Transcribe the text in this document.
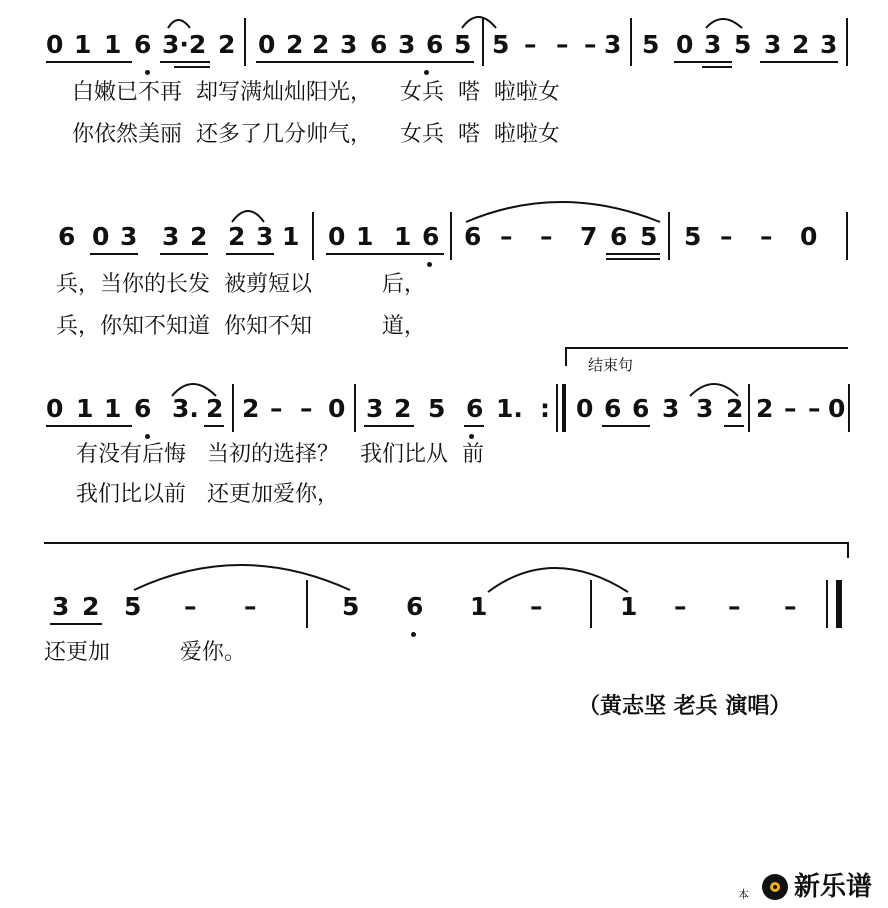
0 1 1 6 3·2 2 0 2 2 3 6 3 6 5 5 – – – 3 5 0 3 5 3 2 3
白嫩已不再  却写满灿灿阳光，    女兵  嗒  啦啦女
你依然美丽  还多了几分帅气，    女兵  嗒  啦啦女
6 0 3 3 2 2 3 1 0 1 1 6 6 – – 7 6 5 5 – – 0
兵，当你的长发  被剪短以          后，
兵，你知不知道  你知不知          道，
结束句
0 1 1 6 3. 2 2 – – 0 3 2 5 6 1. : 0 6 6 3 3 2 2 – – 0
有没有后悔   当初的选择？   我们比从  前
我们比以前   还更加爱你，
3 2 5 – –	5 6 1 –	1 – – –
还更加          爱你。
（黄志坚 老兵 演唱）
本 新乐谱
